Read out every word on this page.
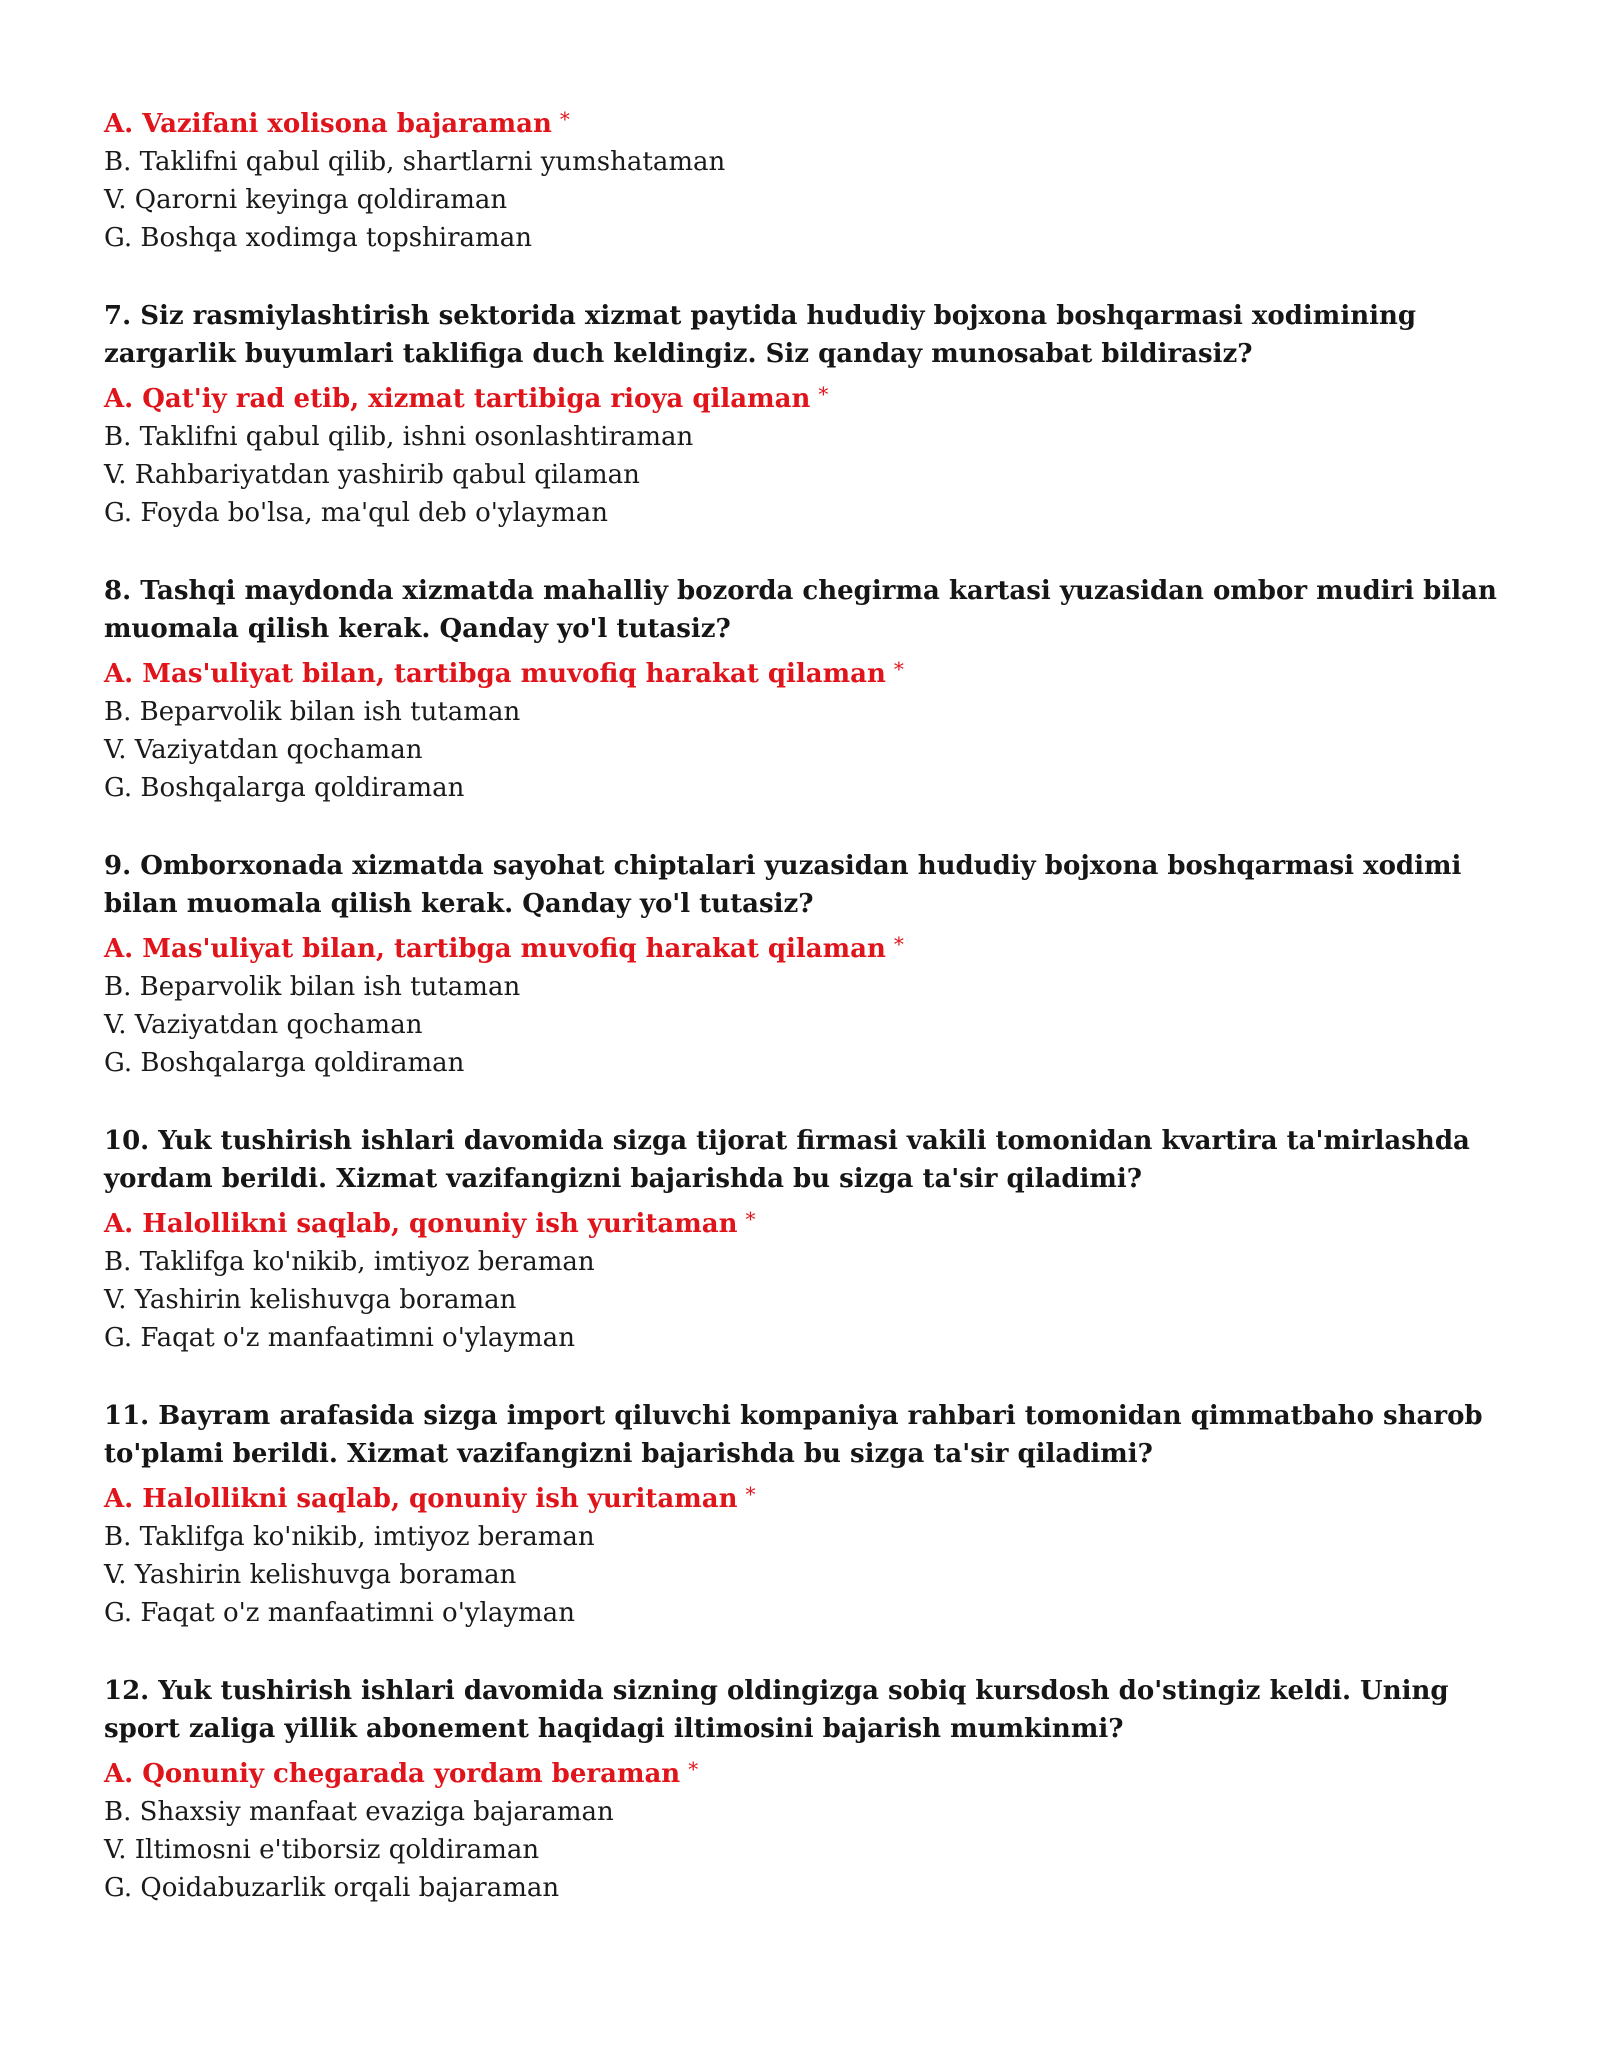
A. Vazifani xolisona bajaraman *

B. Taklifni qabul qilib, shartlarni yumshataman

V. Qarorni keyinga qoldiraman

G. Boshqa xodimga topshiraman

7. Siz rasmiylashtirish sektorida xizmat paytida hududiy bojxona boshqarmasi xodimining zargarlik buyumlari taklifiga duch keldingiz. Siz qanday munosabat bildirasiz?

A. Qat'iy rad etib, xizmat tartibiga rioya qilaman *

B. Taklifni qabul qilib, ishni osonlashtiraman

V. Rahbariyatdan yashirib qabul qilaman

G. Foyda bo'lsa, ma'qul deb o'ylayman

8. Tashqi maydonda xizmatda mahalliy bozorda chegirma kartasi yuzasidan ombor mudiri bilan muomala qilish kerak. Qanday yo'l tutasiz?

A. Mas'uliyat bilan, tartibga muvofiq harakat qilaman *

B. Beparvolik bilan ish tutaman

V. Vaziyatdan qochaman

G. Boshqalarga qoldiraman

9. Omborxonada xizmatda sayohat chiptalari yuzasidan hududiy bojxona boshqarmasi xodimi bilan muomala qilish kerak. Qanday yo'l tutasiz?

A. Mas'uliyat bilan, tartibga muvofiq harakat qilaman *

B. Beparvolik bilan ish tutaman

V. Vaziyatdan qochaman

G. Boshqalarga qoldiraman

10. Yuk tushirish ishlari davomida sizga tijorat firmasi vakili tomonidan kvartira ta'mirlashda yordam berildi. Xizmat vazifangizni bajarishda bu sizga ta'sir qiladimi?

A. Halollikni saqlab, qonuniy ish yuritaman *

B. Taklifga ko'nikib, imtiyoz beraman

V. Yashirin kelishuvga boraman

G. Faqat o'z manfaatimni o'ylayman

11. Bayram arafasida sizga import qiluvchi kompaniya rahbari tomonidan qimmatbaho sharob to'plami berildi. Xizmat vazifangizni bajarishda bu sizga ta'sir qiladimi?

A. Halollikni saqlab, qonuniy ish yuritaman *

B. Taklifga ko'nikib, imtiyoz beraman

V. Yashirin kelishuvga boraman

G. Faqat o'z manfaatimni o'ylayman

12. Yuk tushirish ishlari davomida sizning oldingizga sobiq kursdosh do'stingiz keldi. Uning sport zaliga yillik abonement haqidagi iltimosini bajarish mumkinmi?

A. Qonuniy chegarada yordam beraman *

B. Shaxsiy manfaat evaziga bajaraman

V. Iltimosni e'tiborsiz qoldiraman

G. Qoidabuzarlik orqali bajaraman
